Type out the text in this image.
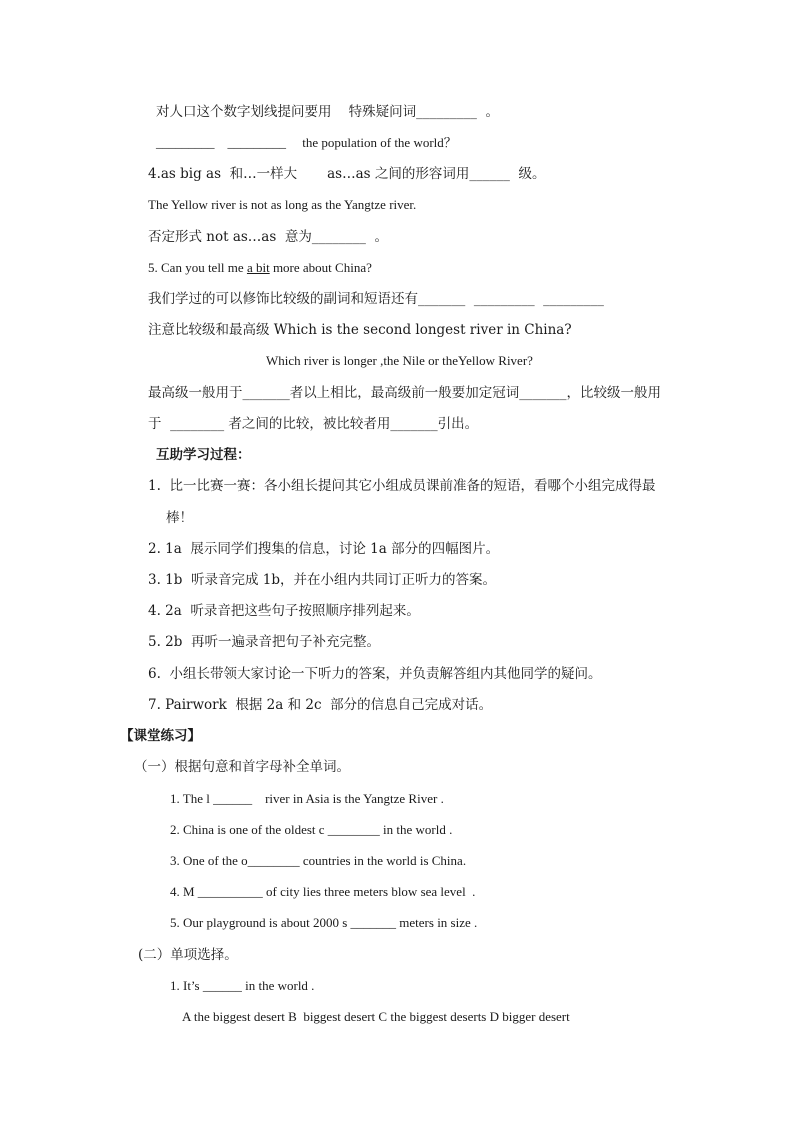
对人口这个数字划线提问要用    特殊疑问词_________  。
_________    _________     the population of the world？
4.as big as  和…一样大       as…as 之间的形容词用______  级。
The Yellow river is not as long as the Yangtze river.
否定形式 not as…as  意为________  。
5. Can you tell me a bit more about China?
我们学过的可以修饰比较级的副词和短语还有_______  _________  _________
注意比较级和最高级 Which is the second longest river in China?
Which river is longer ,the Nile or theYellow River?
最高级一般用于_______者以上相比，最高级前一般要加定冠词_______，比较级一般用
于  ________ 者之间的比较，被比较者用_______引出。
互助学习过程：
1.  比一比赛一赛：各小组长提问其它小组成员课前准备的短语，看哪个小组完成得最
棒！
2. 1a  展示同学们搜集的信息，讨论 1a 部分的四幅图片。
3. 1b  听录音完成 1b，并在小组内共同订正听力的答案。
4. 2a  听录音把这些句子按照顺序排列起来。
5. 2b  再听一遍录音把句子补充完整。
6.  小组长带领大家讨论一下听力的答案，并负责解答组内其他同学的疑问。
7. Pairwork  根据 2a 和 2c  部分的信息自己完成对话。
【课堂练习】
（一）根据句意和首字母补全单词。
1. The l ______    river in Asia is the Yangtze River .
2. China is one of the oldest c ________ in the world .
3. One of the o________ countries in the world is China.
4. M __________ of city lies three meters blow sea level  .
5. Our playground is about 2000 s _______ meters in size .
(二）单项选择。
1. It’s ______ in the world .
A the biggest desert B  biggest desert C the biggest deserts D bigger desert
